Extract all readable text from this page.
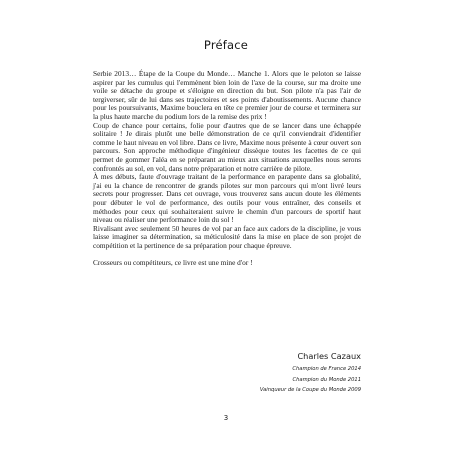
Préface

Serbie 2013… Étape de la Coupe du Monde… Manche 1. Alors que le peloton se laisse aspirer par les cumulus qui l'emmènent bien loin de l'axe de la course, sur ma droite une voile se détache du groupe et s'éloigne en direction du but. Son pilote n'a pas l'air de tergiverser, sûr de lui dans ses trajectoires et ses points d'aboutissements. Aucune chance pour les poursuivants, Maxime bouclera en tête ce premier jour de course et terminera sur la plus haute marche du podium lors de la remise des prix !

Coup de chance pour certains, folie pour d'autres que de se lancer dans une échappée solitaire ! Je dirais plutôt une belle démonstration de ce qu'il conviendrait d'identifier comme le haut niveau en vol libre. Dans ce livre, Maxime nous présente à cœur ouvert son parcours. Son approche méthodique d'ingénieur dissèque toutes les facettes de ce qui permet de gommer l'aléa en se préparant au mieux aux situations auxquelles nous serons confrontés au sol, en vol, dans notre préparation et notre carrière de pilote.

À mes débuts, faute d'ouvrage traitant de la performance en parapente dans sa globalité, j'ai eu la chance de rencontrer de grands pilotes sur mon parcours qui m'ont livré leurs secrets pour progresser. Dans cet ouvrage, vous trouverez sans aucun doute les éléments pour débuter le vol de performance, des outils pour vous entraîner, des conseils et méthodes pour ceux qui souhaiteraient suivre le chemin d'un parcours de sportif haut niveau ou réaliser une performance loin du sol !

Rivalisant avec seulement 50 heures de vol par an face aux cadors de la discipline, je vous laisse imaginer sa détermination, sa méticulosité dans la mise en place de son projet de compétition et la pertinence de sa préparation pour chaque épreuve.

Crosseurs ou compétiteurs, ce livre est une mine d'or !

Charles Cazaux
Champion de France 2014
Champion du Monde 2011
Vainqueur de la Coupe du Monde 2009
3
